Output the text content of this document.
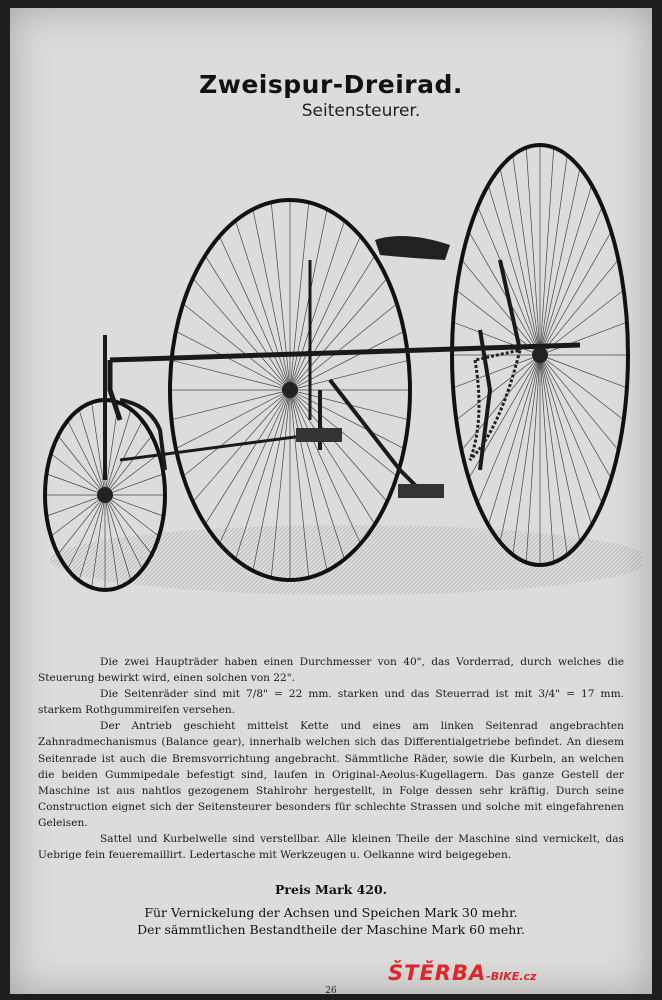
Zweispur-Dreirad.
Seitensteurer.

Die zwei Haupträder haben einen Durchmesser von 40", das Vorderrad, durch welches die Steuerung bewirkt wird, einen solchen von 22".

Die Seitenräder sind mit 7/8" = 22 mm. starken und das Steuerrad ist mit 3/4" = 17 mm. starkem Rothgummireifen versehen.

Der Antrieb geschieht mittelst Kette und eines am linken Seitenrad angebrachten Zahnradmechanismus (Balance gear), innerhalb welchen sich das Differentialgetriebe befindet. An diesem Seitenrade ist auch die Bremsvorrichtung angebracht. Sämmtliche Räder, sowie die Kurbeln, an welchen die beiden Gummipedale befestigt sind, laufen in Original-Aeolus-Kugellagern. Das ganze Gestell der Maschine ist aus nahtlos gezogenem Stahlrohr hergestellt, in Folge dessen sehr kräftig. Durch seine Construction eignet sich der Seitensteurer besonders für schlechte Strassen und solche mit eingefahrenen Geleisen.

Sattel und Kurbelwelle sind verstellbar. Alle kleinen Theile der Maschine sind vernickelt, das Uebrige fein feueremaillirt. Ledertasche mit Werkzeugen u. Oelkanne wird beigegeben.

Preis Mark 420.
Für Vernickelung der Achsen und Speichen Mark 30 mehr.
Der sämmtlichen Bestandtheile der Maschine Mark 60 mehr.
ŠTĚRBA-BIKE.cz
26
